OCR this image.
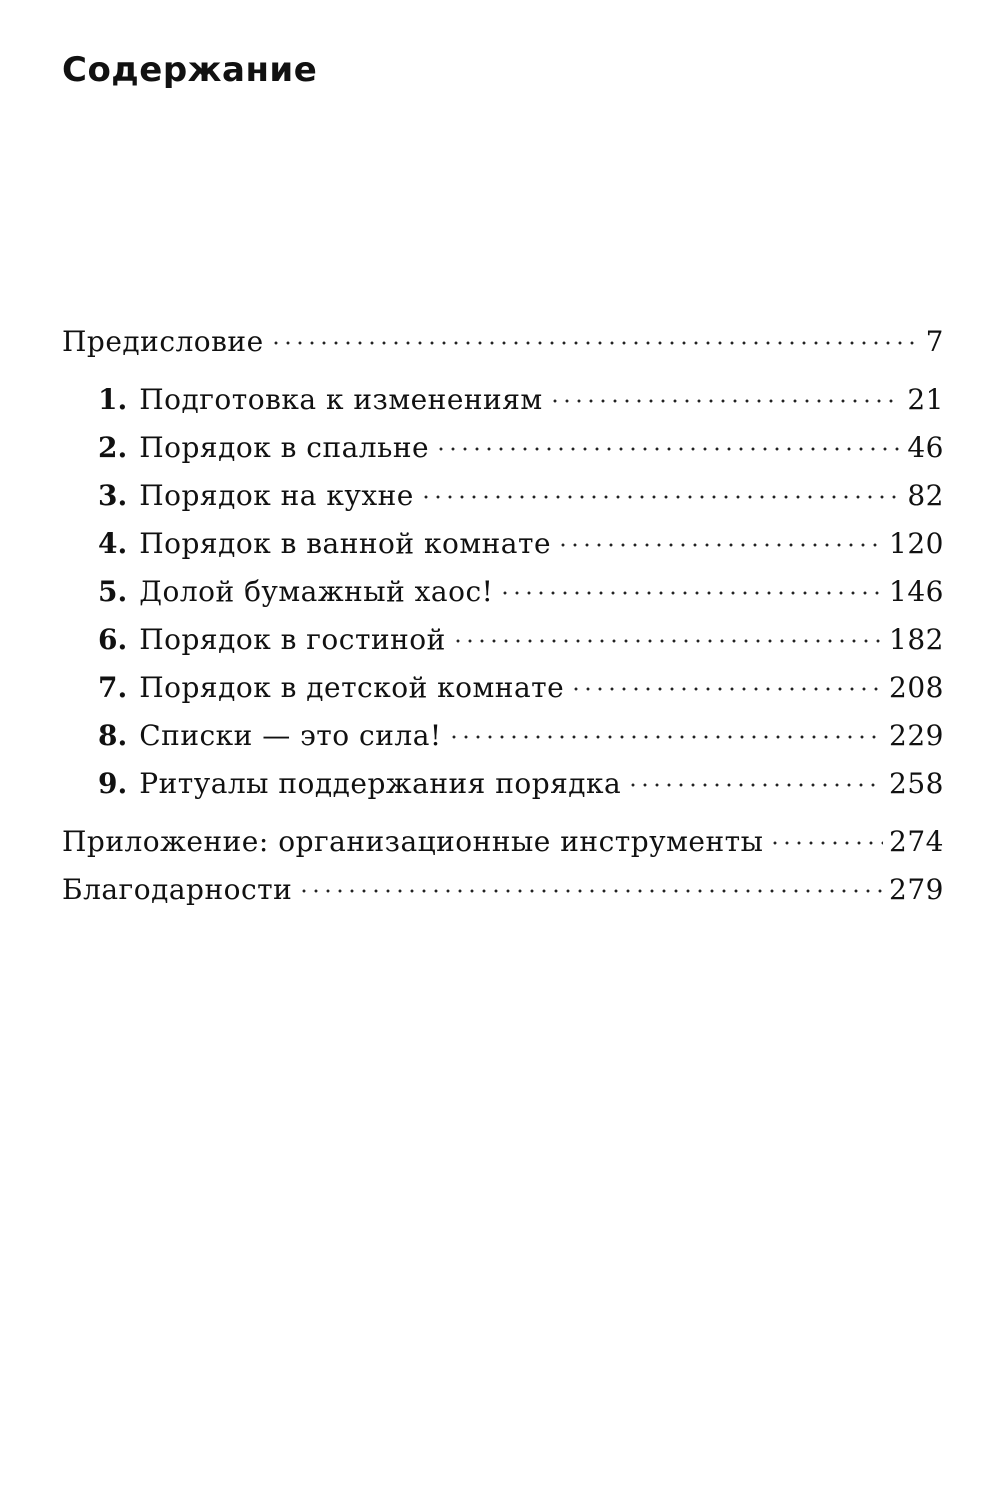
Содержание
Предисловие	7
1. Подготовка к изменениям	21
2. Порядок в спальне	46
3. Порядок на кухне	82
4. Порядок в ванной комнате	120
5. Долой бумажный хаос!	146
6. Порядок в гостиной	182
7. Порядок в детской комнате	208
8. Списки — это сила!	229
9. Ритуалы поддержания порядка	258
Приложение: организационные инструменты	274
Благодарности	279
